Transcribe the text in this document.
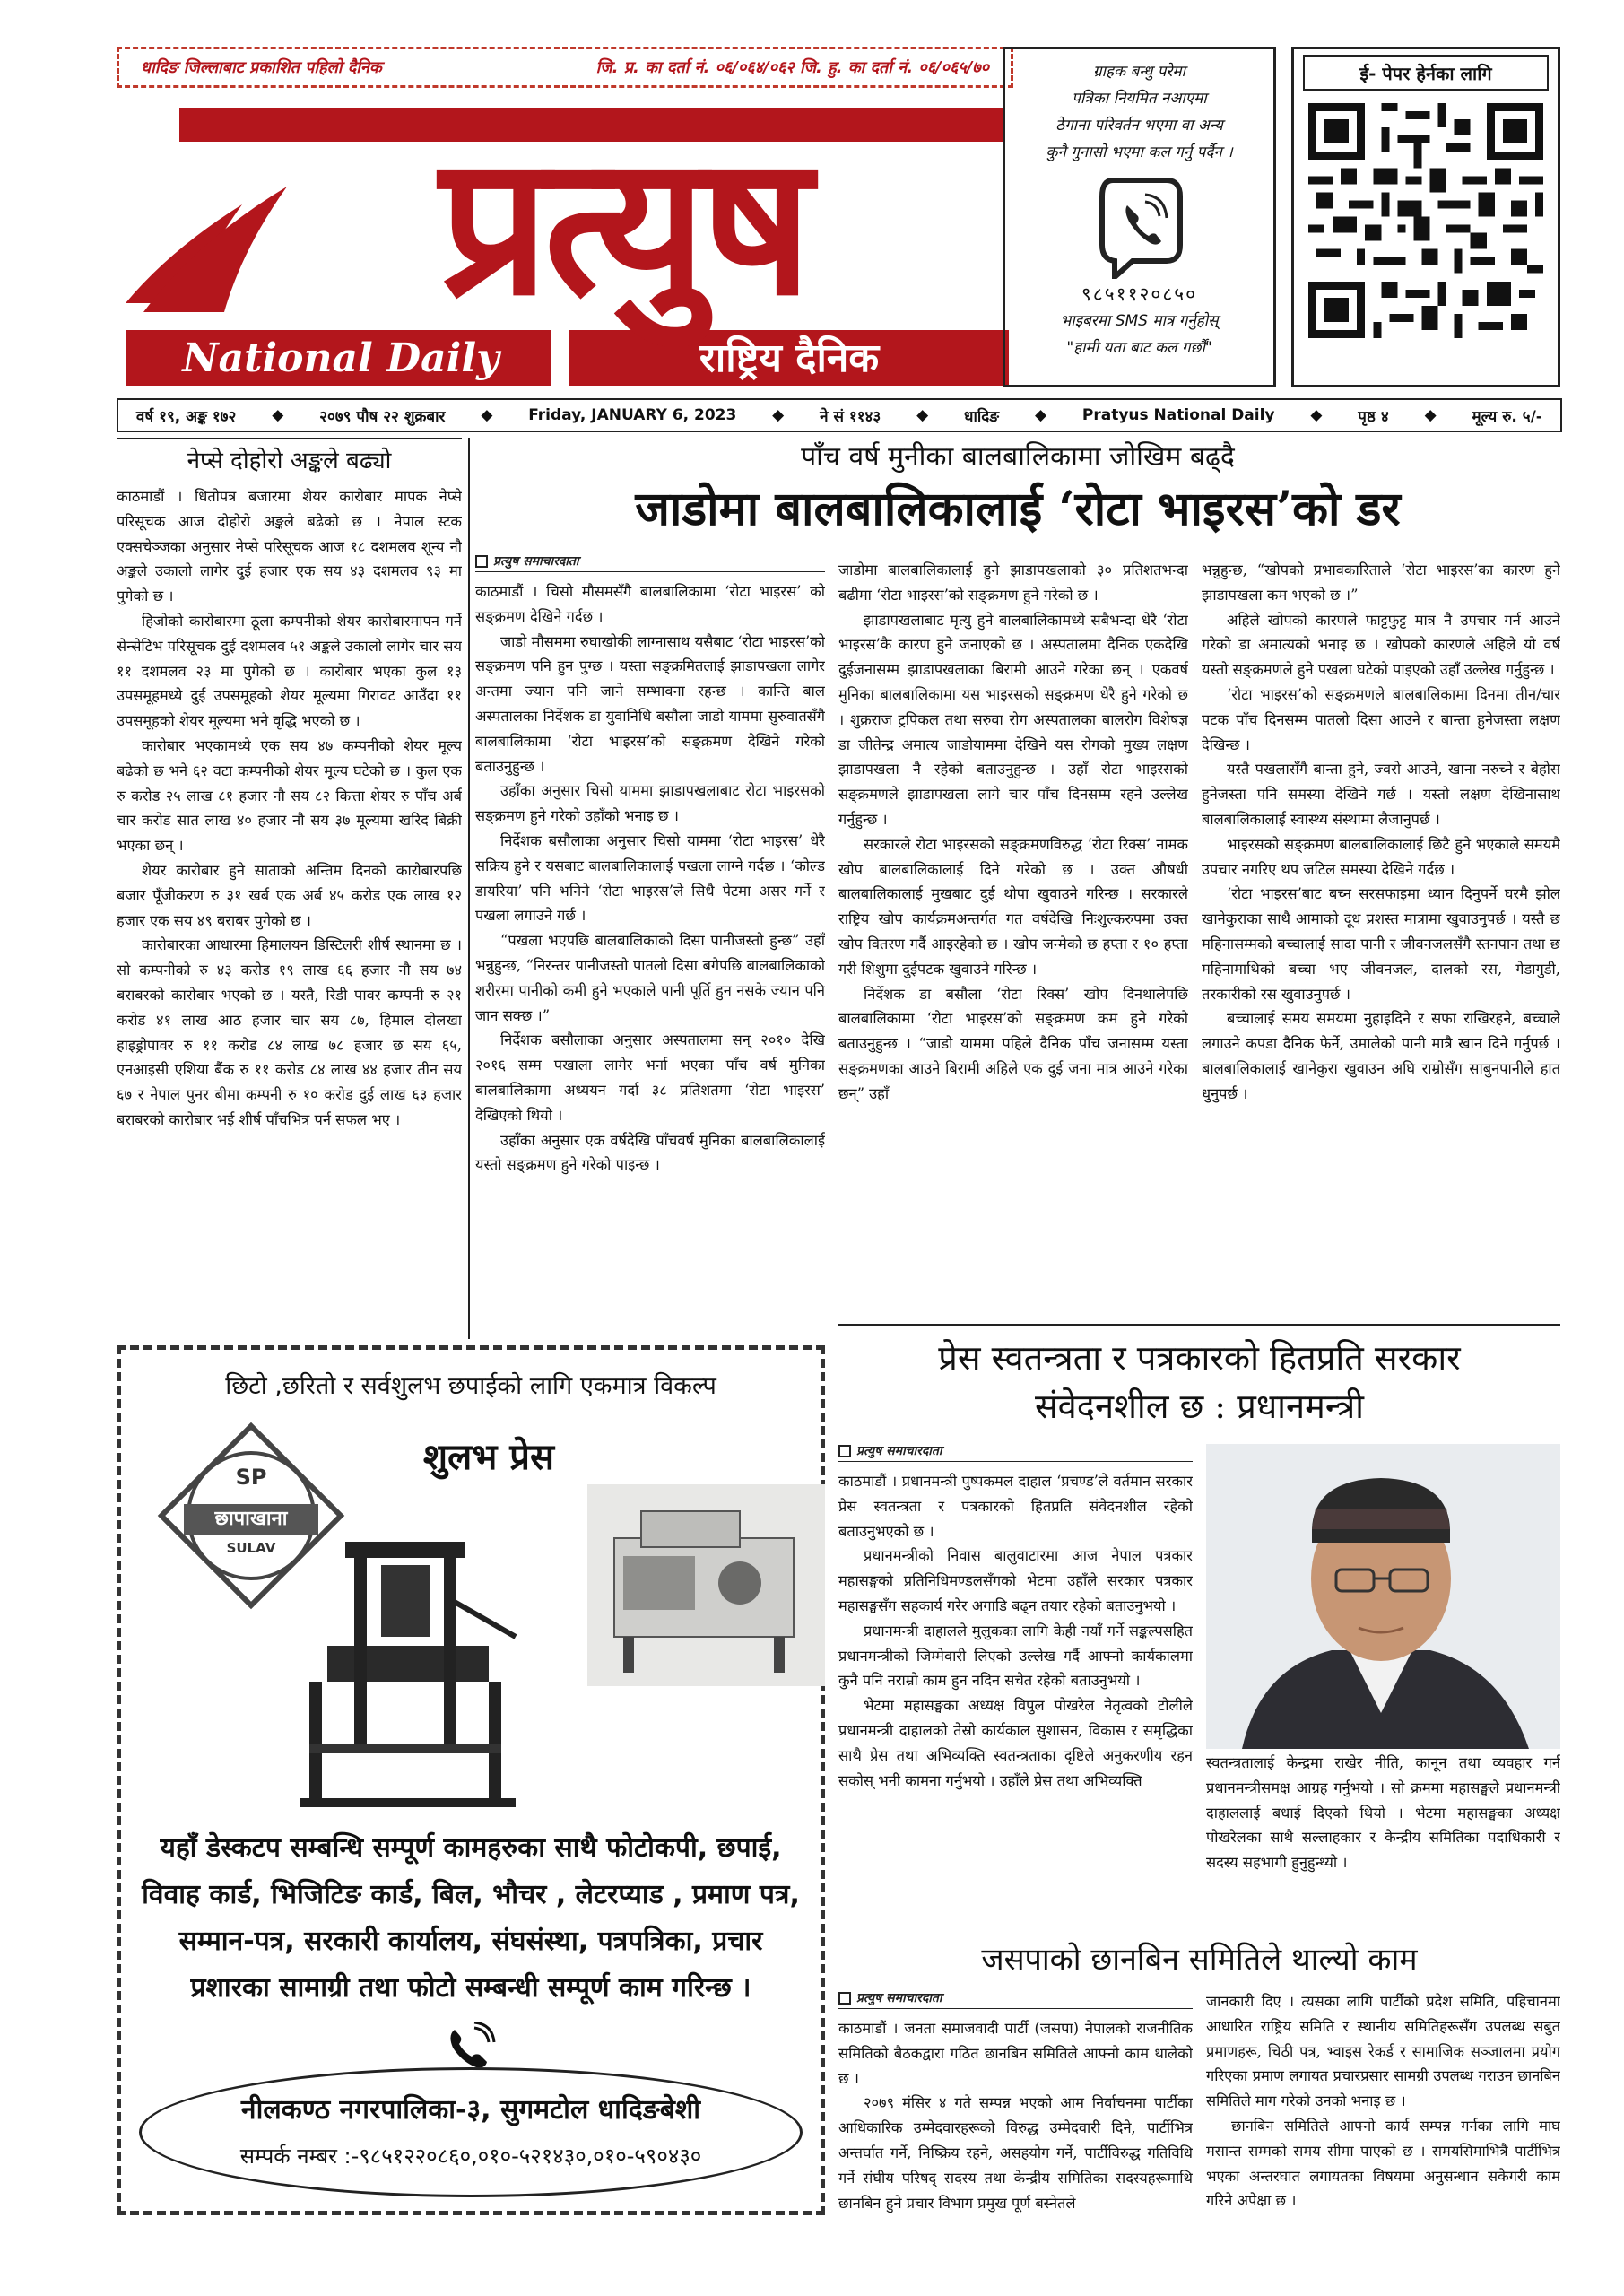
धादिङ जिल्लाबाट प्रकाशित पहिलो दैनिक	जि. प्र. का दर्ता नं. ०६/०६४/०६२ जि. हु. का दर्ता नं. ०६/०६५/७०
प्रत्युष
National Daily	राष्ट्रिय दैनिक
ग्राहक बन्धु परेमा
पत्रिका नियमित नआएमा
ठेगाना परिवर्तन भएमा वा अन्य
कुनै गुनासो भएमा कल गर्नु पर्दैन ।
९८५११२०८५०
भाइबरमा SMS मात्र गर्नुहोस्
"हामी यता बाट कल गर्छौं"
ई- पेपर हेर्नका लागि
वर्ष १९, अङ्क १७२ ◆ २०७९ पौष २२ शुक्रबार ◆ Friday, JANUARY 6, 2023 ◆ ने सं ११४३ ◆ धादिङ ◆ Pratyus National Daily ◆ पृष्ठ ४ ◆ मूल्य रु. ५/-
नेप्से दोहोरो अङ्कले बढ्यो

काठमाडौं । धितोपत्र बजारमा शेयर कारोबार मापक नेप्से परिसूचक आज दोहोरो अङ्कले बढेको छ । नेपाल स्टक एक्सचेञ्जका अनुसार नेप्से परिसूचक आज १८ दशमलव शून्य नौ अङ्कले उकालो लागेर दुई हजार एक सय ४३ दशमलव ९३ मा पुगेको छ ।

हिजोको कारोबारमा ठूला कम्पनीको शेयर कारोबारमापन गर्ने सेन्सेटिभ परिसूचक दुई दशमलव ५१ अङ्कले उकालो लागेर चार सय ११ दशमलव २३ मा पुगेको छ । कारोबार भएका कुल १३ उपसमूहमध्ये दुई उपसमूहको शेयर मूल्यमा गिरावट आउँदा ११ उपसमूहको शेयर मूल्यमा भने वृद्धि भएको छ ।

कारोबार भएकामध्ये एक सय ४७ कम्पनीको शेयर मूल्य बढेको छ भने ६२ वटा कम्पनीको शेयर मूल्य घटेको छ । कुल एक रु करोड २५ लाख ८१ हजार नौ सय ८२ कित्ता शेयर रु पाँच अर्ब चार करोड सात लाख ४० हजार नौ सय ३७ मूल्यमा खरिद बिक्री भएका छन् ।

शेयर कारोबार हुने साताको अन्तिम दिनको कारोबारपछि बजार पूँजीकरण रु ३१ खर्ब एक अर्ब ४५ करोड एक लाख १२ हजार एक सय ४९ बराबर पुगेको छ ।

कारोबारका आधारमा हिमालयन डिस्टिलरी शीर्ष स्थानमा छ । सो कम्पनीको रु ४३ करोड १९ लाख ६६ हजार नौ सय ७४ बराबरको कारोबार भएको छ । यस्तै, रिडी पावर कम्पनी रु २१ करोड ४१ लाख आठ हजार चार सय ८७, हिमाल दोलखा हाइड्रोपावर रु ११ करोड ८४ लाख ७८ हजार छ सय ६५, एनआइसी एशिया बैंक रु ११ करोड ८४ लाख ४४ हजार तीन सय ६७ र नेपाल पुनर बीमा कम्पनी रु १० करोड दुई लाख ६३ हजार बराबरको कारोबार भई शीर्ष पाँचभित्र पर्न सफल भए ।

पाँच वर्ष मुनीका बालबालिकामा जोखिम बढ्दै
जाडोमा बालबालिकालाई ‘रोटा भाइरस’को डर
प्रत्युष समाचारदाता

काठमाडौं । चिसो मौसमसँगै बालबालिकामा ‘रोटा भाइरस’ को सङ्क्रमण देखिने गर्दछ ।

जाडो मौसममा रुघाखोकी लाग्नासाथ यसैबाट ‘रोटा भाइरस’को सङ्क्रमण पनि हुन पुग्छ । यस्ता सङ्क्रमितलाई झाडापखला लागेर अन्तमा ज्यान पनि जाने सम्भावना रहन्छ । कान्ति बाल अस्पतालका निर्देशक डा युवानिधि बसौला जाडो याममा सुरुवातसँगै बालबालिकामा ‘रोटा भाइरस’को सङ्क्रमण देखिने गरेको बताउनुहुन्छ ।

उहाँका अनुसार चिसो याममा झाडापखलाबाट रोटा भाइरसको सङ्क्रमण हुने गरेको उहाँको भनाइ छ ।

निर्देशक बसौलाका अनुसार चिसो याममा ‘रोटा भाइरस’ धेरै सक्रिय हुने र यसबाट बालबालिकालाई पखला लाग्ने गर्दछ । ‘कोल्ड डायरिया’ पनि भनिने ‘रोटा भाइरस’ले सिधै पेटमा असर गर्ने र पखला लगाउने गर्छ ।

“पखला भएपछि बालबालिकाको दिसा पानीजस्तो हुन्छ” उहाँ भन्नुहुन्छ, “निरन्तर पानीजस्तो पातलो दिसा बगेपछि बालबालिकाको शरीरमा पानीको कमी हुने भएकाले पानी पूर्ति हुन नसके ज्यान पनि जान सक्छ ।”

निर्देशक बसौलाका अनुसार अस्पतालमा सन् २०१० देखि २०१६ सम्म पखाला लागेर भर्ना भएका पाँच वर्ष मुनिका बालबालिकामा अध्ययन गर्दा ३८ प्रतिशतमा ‘रोटा भाइरस’ देखिएको थियो ।

उहाँका अनुसार एक वर्षदेखि पाँचवर्ष मुनिका बालबालिकालाई यस्तो सङ्क्रमण हुने गरेको पाइन्छ ।

जाडोमा बालबालिकालाई हुने झाडापखलाको ३० प्रतिशतभन्दा बढीमा ‘रोटा भाइरस’को सङ्क्रमण हुने गरेको छ ।

झाडापखलाबाट मृत्यु हुने बालबालिकामध्ये सबैभन्दा धेरै ‘रोटा भाइरस’कै कारण हुने जनाएको छ । अस्पतालमा दैनिक एकदेखि दुईजनासम्म झाडापखलाका बिरामी आउने गरेका छन् । एकवर्ष मुनिका बालबालिकामा यस भाइरसको सङ्क्रमण धेरै हुने गरेको छ । शुक्रराज ट्रपिकल तथा सरुवा रोग अस्पतालका बालरोग विशेषज्ञ डा जीतेन्द्र अमात्य जाडोयाममा देखिने यस रोगको मुख्य लक्षण झाडापखला नै रहेको बताउनुहुन्छ । उहाँ रोटा भाइरसको सङ्क्रमणले झाडापखला लागे चार पाँच दिनसम्म रहने उल्लेख गर्नुहुन्छ ।

सरकारले रोटा भाइरसको सङ्क्रमणविरुद्ध ‘रोटा रिक्स’ नामक खोप बालबालिकालाई दिने गरेको छ । उक्त औषधी बालबालिकालाई मुखबाट दुई थोपा खुवाउने गरिन्छ । सरकारले राष्ट्रिय खोप कार्यक्रमअन्तर्गत गत वर्षदेखि निःशुल्करुपमा उक्त खोप वितरण गर्दै आइरहेको छ । खोप जन्मेको छ हप्ता र १० हप्ता गरी शिशुमा दुईपटक खुवाउने गरिन्छ ।

निर्देशक डा बसौला ‘रोटा रिक्स’ खोप दिनथालेपछि बालबालिकामा ‘रोटा भाइरस’को सङ्क्रमण कम हुने गरेको बताउनुहुन्छ । “जाडो याममा पहिले दैनिक पाँच जनासम्म यस्ता सङ्क्रमणका आउने बिरामी अहिले एक दुई जना मात्र आउने गरेका छन्” उहाँ

भन्नुहुन्छ, “खोपको प्रभावकारिताले ‘रोटा भाइरस’का कारण हुने झाडापखला कम भएको छ ।”

अहिले खोपको कारणले फाट्टफुट्ट मात्र नै उपचार गर्न आउने गरेको डा अमात्यको भनाइ छ । खोपको कारणले अहिले यो वर्ष यस्तो सङ्क्रमणले हुने पखला घटेको पाइएको उहाँ उल्लेख गर्नुहुन्छ ।

‘रोटा भाइरस’को सङ्क्रमणले बालबालिकामा दिनमा तीन/चार पटक पाँच दिनसम्म पातलो दिसा आउने र बान्ता हुनेजस्ता लक्षण देखिन्छ ।

यस्तै पखलासँगै बान्ता हुने, ज्वरो आउने, खाना नरुच्ने र बेहोस हुनेजस्ता पनि समस्या देखिने गर्छ । यस्तो लक्षण देखिनासाथ बालबालिकालाई स्वास्थ्य संस्थामा लैजानुपर्छ ।

भाइरसको सङ्क्रमण बालबालिकालाई छिटै हुने भएकाले समयमै उपचार नगरिए थप जटिल समस्या देखिने गर्दछ ।

‘रोटा भाइरस’बाट बच्न सरसफाइमा ध्यान दिनुपर्ने घरमै झोल खानेकुराका साथै आमाको दूध प्रशस्त मात्रामा खुवाउनुपर्छ । यस्तै छ महिनासम्मको बच्चालाई सादा पानी र जीवनजलसँगै स्तनपान तथा छ महिनामाथिको बच्चा भए जीवनजल, दालको रस, गेडागुडी, तरकारीको रस खुवाउनुपर्छ ।

बच्चालाई समय समयमा नुहाइदिने र सफा राखिरहने, बच्चाले लगाउने कपडा दैनिक फेर्ने, उमालेको पानी मात्रै खान दिने गर्नुपर्छ । बालबालिकालाई खानेकुरा खुवाउन अघि राम्रोसँग साबुनपानीले हात धुनुपर्छ ।

छिटो ,छरितो र सर्वशुलभ छपाईको लागि एकमात्र विकल्प
शुलभ प्रेस
SP
छापाखाना
SULAV
यहाँ डेस्कटप सम्बन्धि सम्पूर्ण कामहरुका साथै फोटोकपी, छपाई,
विवाह कार्ड, भिजिटिङ कार्ड, बिल, भौचर , लेटरप्याड , प्रमाण पत्र,
सम्मान-पत्र, सरकारी कार्यालय, संघसंस्था, पत्रपत्रिका, प्रचार
प्रशारका सामाग्री तथा फोटो सम्बन्धी सम्पूर्ण काम गरिन्छ ।
नीलकण्ठ नगरपालिका-३, सुगमटोल धादिङबेशी
सम्पर्क नम्बर :-९८५१२२०८६०,०१०-५२१४३०,०१०-५९०४३०
प्रेस स्वतन्त्रता र पत्रकारको हितप्रति सरकार
संवेदनशील छ : प्रधानमन्त्री
प्रत्युष समाचारदाता

काठमाडौं । प्रधानमन्त्री पुष्पकमल दाहाल ‘प्रचण्ड’ले वर्तमान सरकार प्रेस स्वतन्त्रता र पत्रकारको हितप्रति संवेदनशील रहेको बताउनुभएको छ ।

प्रधानमन्त्रीको निवास बालुवाटारमा आज नेपाल पत्रकार महासङ्घको प्रतिनिधिमण्डलसँगको भेटमा उहाँले सरकार पत्रकार महासङ्घसँग सहकार्य गरेर अगाडि बढ्न तयार रहेको बताउनुभयो ।

प्रधानमन्त्री दाहालले मुलुकका लागि केही नयाँ गर्ने सङ्कल्पसहित प्रधानमन्त्रीको जिम्मेवारी लिएको उल्लेख गर्दै आफ्नो कार्यकालमा कुनै पनि नराम्रो काम हुन नदिन सचेत रहेको बताउनुभयो ।

भेटमा महासङ्घका अध्यक्ष विपुल पोखरेल नेतृत्वको टोलीले प्रधानमन्त्री दाहालको तेस्रो कार्यकाल सुशासन, विकास र समृद्धिका साथै प्रेस तथा अभिव्यक्ति स्वतन्त्रताका दृष्टिले अनुकरणीय रहन सकोस् भनी कामना गर्नुभयो । उहाँले प्रेस तथा अभिव्यक्ति

स्वतन्त्रतालाई केन्द्रमा राखेर नीति, कानून तथा व्यवहार गर्न प्रधानमन्त्रीसमक्ष आग्रह गर्नुभयो । सो क्रममा महासङ्घले प्रधानमन्त्री दाहाललाई बधाई दिएको थियो । भेटमा महासङ्घका अध्यक्ष पोखरेलका साथै सल्लाहकार र केन्द्रीय समितिका पदाधिकारी र सदस्य सहभागी हुनुहुन्थ्यो ।

जसपाको छानबिन समितिले थाल्यो काम
प्रत्युष समाचारदाता

काठमाडौं । जनता समाजवादी पार्टी (जसपा) नेपालको राजनीतिक समितिको बैठकद्वारा गठित छानबिन समितिले आफ्नो काम थालेको छ ।

२०७९ मंसिर ४ गते सम्पन्न भएको आम निर्वाचनमा पार्टीका आधिकारिक उम्मेदवारहरूको विरुद्ध उम्मेदवारी दिने, पार्टीभित्र अन्तर्घात गर्ने, निष्क्रिय रहने, असहयोग गर्ने, पार्टीविरुद्ध गतिविधि गर्ने संघीय परिषद् सदस्य तथा केन्द्रीय समितिका सदस्यहरूमाथि छानबिन हुने प्रचार विभाग प्रमुख पूर्ण बस्नेतले

जानकारी दिए । त्यसका लागि पार्टीको प्रदेश समिति, पहिचानमा आधारित राष्ट्रिय समिति र स्थानीय समितिहरूसँग उपलब्ध सबुत प्रमाणहरू, चिठी पत्र, भ्वाइस रेकर्ड र सामाजिक सञ्जालमा प्रयोग गरिएका प्रमाण लगायत प्रचारप्रसार सामग्री उपलब्ध गराउन छानबिन समितिले माग गरेको उनको भनाइ छ ।

छानबिन समितिले आफ्नो कार्य सम्पन्न गर्नका लागि माघ मसान्त सम्मको समय सीमा पाएको छ । समयसिमाभित्रै पार्टीभित्र भएका अन्तरघात लगायतका विषयमा अनुसन्धान सकेगरी काम गरिने अपेक्षा छ ।
